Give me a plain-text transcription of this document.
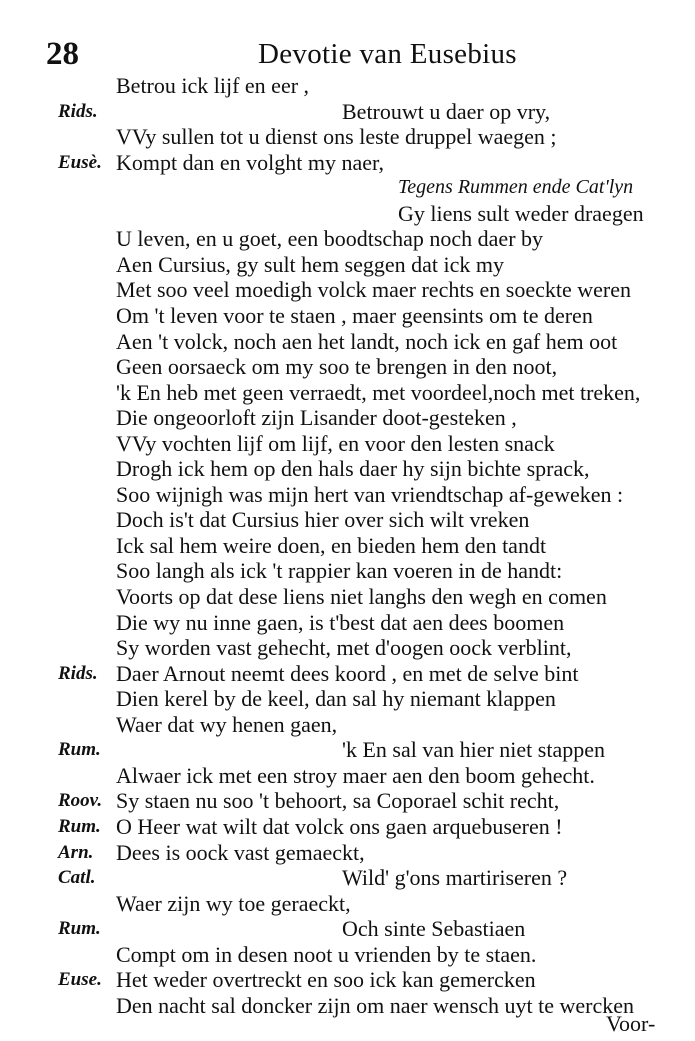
28	Devotie van Eusebius
Betrou ick lijf en eer ,
Rids.	Betrouwt u daer op vry,
VVy sullen tot u dienst ons leste druppel waegen ;
Eusè. Kompt dan en volght my naer,
Tegens Rummen ende Cat'lyn
Gy liens sult weder draegen
U leven, en u goet, een boodtschap noch daer by
Aen Cursius, gy sult hem seggen dat ick my
Met soo veel moedigh volck maer rechts en soeckte weren
Om 't leven voor te staen , maer geensints om te deren
Aen 't volck, noch aen het landt, noch ick en gaf hem oot
Geen oorsaeck om my soo te brengen in den noot,
'k En heb met geen verraedt, met voordeel,noch met treken,
Die ongeoorloft zijn Lisander doot-gesteken ,
VVy vochten lijf om lijf, en voor den lesten snack
Drogh ick hem op den hals daer hy sijn bichte sprack,
Soo wijnigh was mijn hert van vriendtschap af-geweken :
Doch is't dat Cursius hier over sich wilt vreken
Ick sal hem weire doen, en bieden hem den tandt
Soo langh als ick 't rappier kan voeren in de handt:
Voorts op dat dese liens niet langhs den wegh en comen
Die wy nu inne gaen, is t'best dat aen dees boomen
Sy worden vast gehecht, met d'oogen oock verblint,
Rids. Daer Arnout neemt dees koord , en met de selve bint
Dien kerel by de keel, dan sal hy niemant klappen
Waer dat wy henen gaen,
Rum.	'k En sal van hier niet stappen
Alwaer ick met een stroy maer aen den boom gehecht.
Roov. Sy staen nu soo 't behoort, sa Coporael schit recht,
Rum. O Heer wat wilt dat volck ons gaen arquebuseren !
Arn. Dees is oock vast gemaeckt,
Catl.	Wild' g'ons martiriseren ?
Waer zijn wy toe geraeckt,
Rum.	Och sinte Sebastiaen
Compt om in desen noot u vrienden by te staen.
Euse. Het weder overtreckt en soo ick kan gemercken
Den nacht sal doncker zijn om naer wensch uyt te wercken
Voor-
